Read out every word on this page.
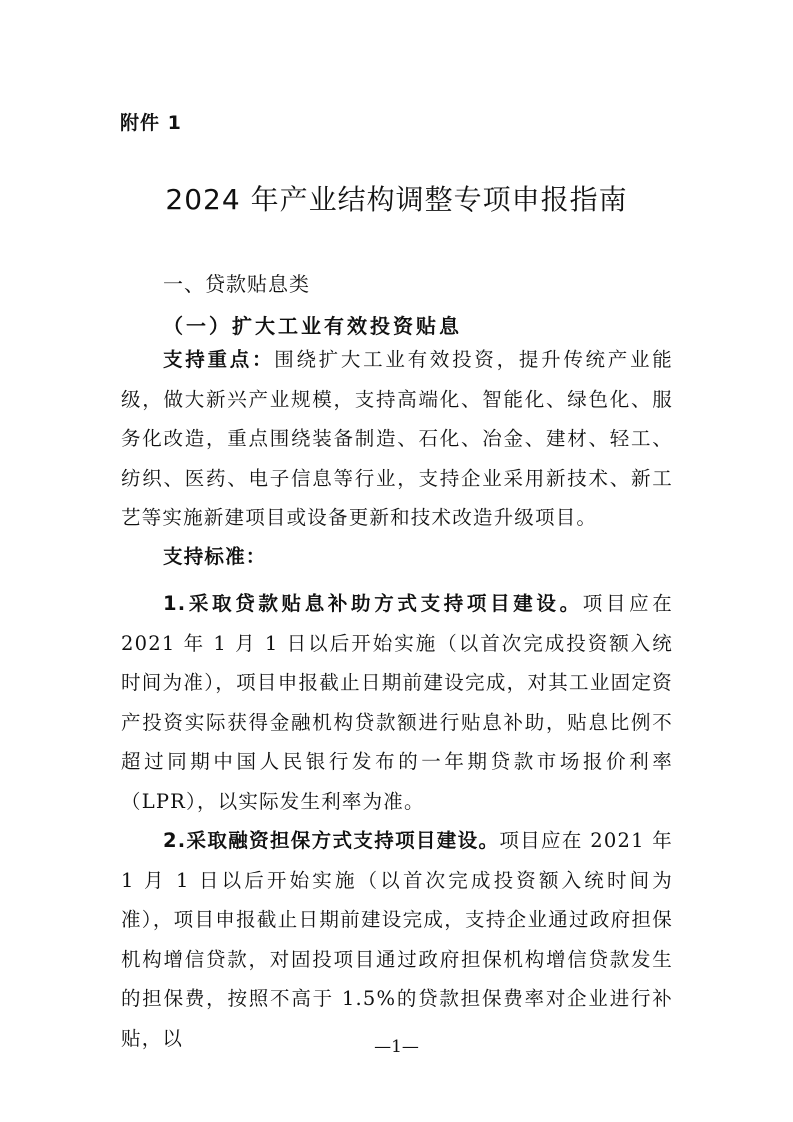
附件 1
2024 年产业结构调整专项申报指南
一、贷款贴息类
（一）扩大工业有效投资贴息

支持重点：围绕扩大工业有效投资，提升传统产业能级，做大新兴产业规模，支持高端化、智能化、绿色化、服务化改造，重点围绕装备制造、石化、冶金、建材、轻工、纺织、医药、电子信息等行业，支持企业采用新技术、新工艺等实施新建项目或设备更新和技术改造升级项目。

支持标准：

1.采取贷款贴息补助方式支持项目建设。项目应在 2021 年 1 月 1 日以后开始实施（以首次完成投资额入统时间为准），项目申报截止日期前建设完成，对其工业固定资产投资实际获得金融机构贷款额进行贴息补助，贴息比例不超过同期中国人民银行发布的一年期贷款市场报价利率（LPR），以实际发生利率为准。

2.采取融资担保方式支持项目建设。项目应在 2021 年 1 月 1 日以后开始实施（以首次完成投资额入统时间为准），项目申报截止日期前建设完成，支持企业通过政府担保机构增信贷款，对固投项目通过政府担保机构增信贷款发生的担保费，按照不高于 1.5%的贷款担保费率对企业进行补贴，以	—1—
